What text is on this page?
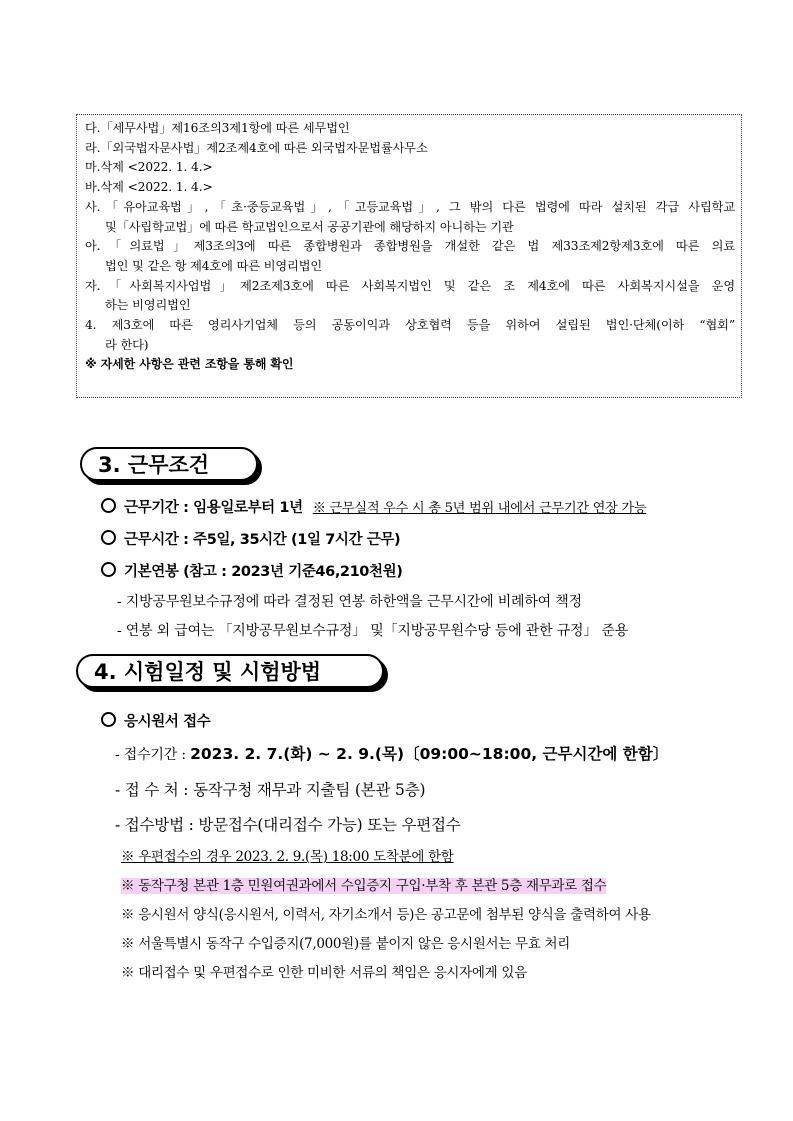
다.「세무사법」제16조의3제1항에 따른 세무법인
라.「외국법자문사법」제2조제4호에 따른 외국법자문법률사무소
마.삭제 <2022. 1. 4.>
바.삭제 <2022. 1. 4.>
사.「유아교육법」,「초·중등교육법」,「고등교육법」, 그 밖의 다른 법령에 따라 설치된 각급 사립학교
및「사립학교법」에 따른 학교법인으로서 공공기관에 해당하지 아니하는 기관
아.「의료법」제3조의3에 따른 종합병원과 종합병원을 개설한 같은 법 제33조제2항제3호에 따른 의료
법인 및 같은 항 제4호에 따른 비영리법인
자.「사회복지사업법」제2조제3호에 따른 사회복지법인 및 같은 조 제4호에 따른 사회복지시설을 운영
하는 비영리법인
4. 제3호에 따른 영리사기업체 등의 공동이익과 상호협력 등을 위하여 설립된 법인·단체(이하 “협회”
라 한다)
※ 자세한 사항은 관련 조항을 통해 확인
3. 근무조건
근무기간 : 임용일로부터 1년 ※ 근무실적 우수 시 총 5년 범위 내에서 근무기간 연장 가능
근무시간 : 주5일, 35시간 (1일 7시간 근무)
기본연봉 (참고 : 2023년 기준46,210천원)
- 지방공무원보수규정에 따라 결정된 연봉 하한액을 근무시간에 비례하여 책정
- 연봉 외 급여는 「지방공무원보수규정」 및「지방공무원수당 등에 관한 규정」 준용
4. 시험일정 및 시험방법
응시원서 접수
- 접수기간 : 2023. 2. 7.(화) ~ 2. 9.(목)〔09:00~18:00, 근무시간에 한함〕
- 접 수 처 : 동작구청 재무과 지출팀 (본관 5층)
- 접수방법 : 방문접수(대리접수 가능) 또는 우편접수
※ 우편접수의 경우 2023. 2. 9.(목) 18:00 도착분에 한함
※ 동작구청 본관 1층 민원여권과에서 수입증지 구입·부착 후 본관 5층 재무과로 접수
※ 응시원서 양식(응시원서, 이력서, 자기소개서 등)은 공고문에 첨부된 양식을 출력하여 사용
※ 서울특별시 동작구 수입증지(7,000원)를 붙이지 않은 응시원서는 무효 처리
※ 대리접수 및 우편접수로 인한 미비한 서류의 책임은 응시자에게 있음
